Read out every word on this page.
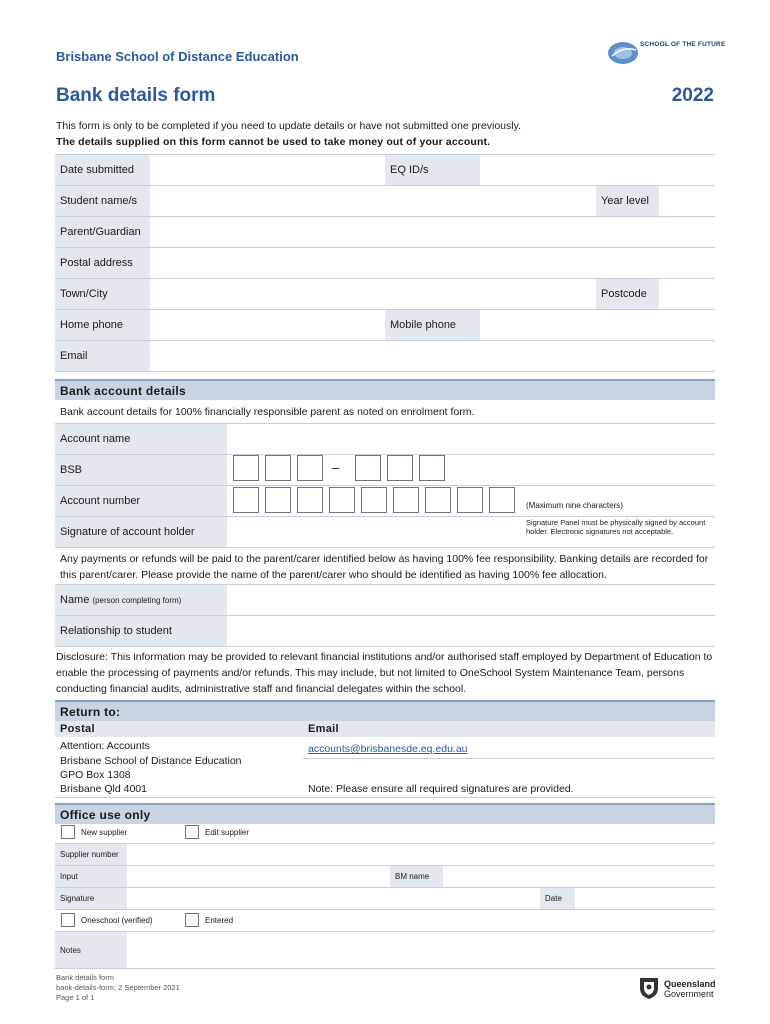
Brisbane School of Distance Education
SCHOOL OF THE FUTURE
Bank details form	2022
This form is only to be completed if you need to update details or have not submitted one previously.
The details supplied on this form cannot be used to take money out of your account.
Date submitted	EQ ID/s
Student name/s	Year level
Parent/Guardian
Postal address
Town/City	Postcode
Home phone	Mobile phone
Email
Bank account details
Bank account details for 100% financially responsible parent as noted on enrolment form.
Account name
BSB
Account number
Signature of account holder
–
(Maximum nine characters)
Signature Panel must be physically signed by account holder. Electronic signatures not acceptable.
Any payments or refunds will be paid to the parent/carer identified below as having 100% fee responsibility. Banking details are recorded for this parent/carer. Please provide the name of the parent/carer who should be identified as having 100% fee allocation.
Name
(person completing form)
Relationship to student
Disclosure: This information may be provided to relevant financial institutions and/or authorised staff employed by Department of Education to enable the processing of payments and/or refunds. This may include, but not limited to OneSchool System Maintenance Team, persons conducting financial audits, administrative staff and financial delegates within the school.
Return to:
Postal	Email
Attention: Accounts
Brisbane School of Distance Education
GPO Box 1308
Brisbane Qld 4001
accounts@brisbanesde.eq.edu.au
Note: Please ensure all required signatures are provided.
Office use only
New supplier	Edit supplier
Supplier number
Input	BM name
Signature	Date
Oneschool (verified)	Entered
Notes
Bank details form
bank-details-form; 2 September 2021
Page 1 of 1
Queensland
Government
